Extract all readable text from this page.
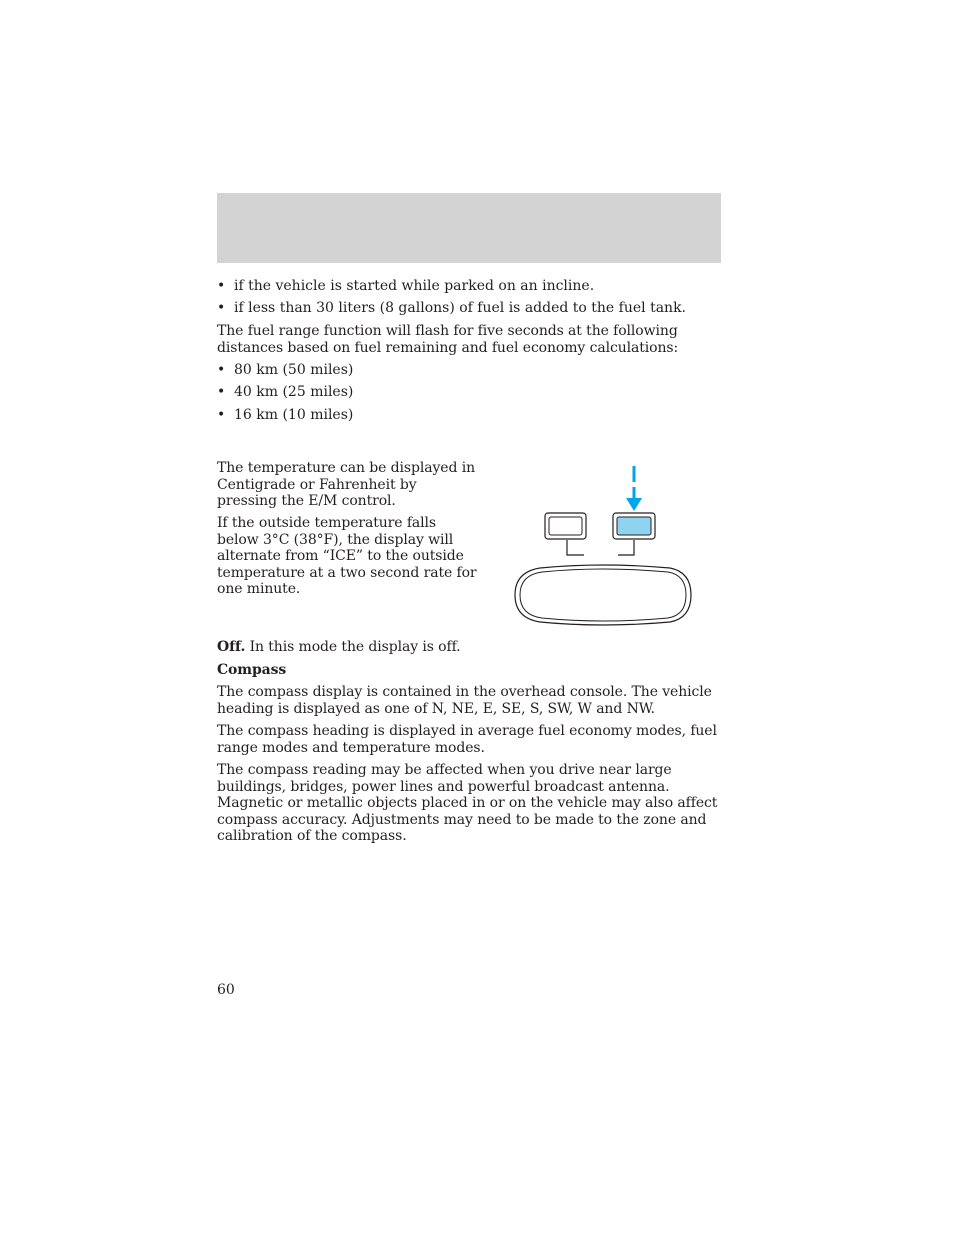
• if the vehicle is started while parked on an incline.

• if less than 30 liters (8 gallons) of fuel is added to the fuel tank.

The fuel range function will flash for five seconds at the following distances based on fuel remaining and fuel economy calculations:

• 80 km (50 miles)

• 40 km (25 miles)

• 16 km (10 miles)

The temperature can be displayed in Centigrade or Fahrenheit by pressing the E/M control.

If the outside temperature falls below 3°C (38°F), the display will alternate from “ICE” to the outside temperature at a two second rate for one minute.

Off. In this mode the display is off.

Compass

The compass display is contained in the overhead console. The vehicle heading is displayed as one of N, NE, E, SE, S, SW, W and NW.

The compass heading is displayed in average fuel economy modes, fuel range modes and temperature modes.

The compass reading may be affected when you drive near large buildings, bridges, power lines and powerful broadcast antenna. Magnetic or metallic objects placed in or on the vehicle may also affect compass accuracy. Adjustments may need to be made to the zone and calibration of the compass.

60
